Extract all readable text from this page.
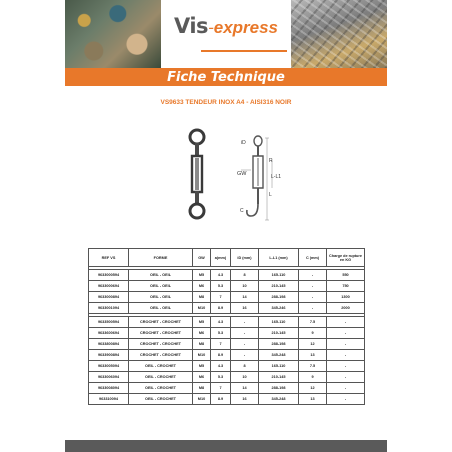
Vis-express
Fiche Technique
VS9633 TENDEUR INOX A4 - AISI316 NOIR
iD
GW
R
L-L1
L
C
REF VS	FORME	GW	a(mm)	iD (mm)	L-L1 (mm)	C (mm)	Charge de rupture en KG

9633000594	OEIL - OEIL	M5	4.3	8	165-110	-	550
9633000694	OEIL - OEIL	M6	5.3	10	210-145	-	750
9633000894	OEIL - OEIL	M8	7	14	288-198	-	1300
9633001094	OEIL - OEIL	M10	8.9	16	345-246	-	2000

9633500594	CROCHET - CROCHET	M5	4.3	-	165-110	7.5	-
9633600694	CROCHET - CROCHET	M6	5.3	-	210-145	9	-
9633800894	CROCHET - CROCHET	M8	7	-	288-198	12	-
9633900894	CROCHET - CROCHET	M10	8.9	-	345-248	13	-
9633005094	OEIL - CROCHET	M5	4.3	8	165-110	7.5	-
9633006094	OEIL - CROCHET	M6	5.3	10	210-145	9	-
9633008094	OEIL - CROCHET	M8	7	14	288-198	12	-
963310094	OEIL - CROCHET	M10	8.9	16	345-248	13	-
